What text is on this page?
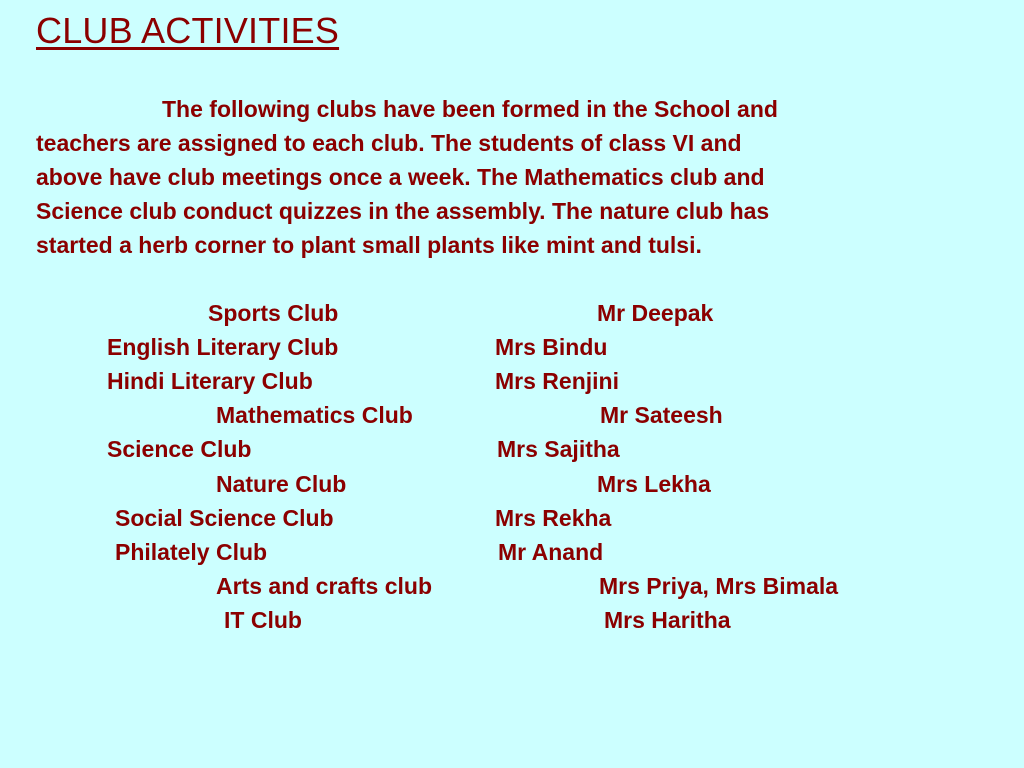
CLUB ACTIVITIES

The following clubs have been formed in the School and
teachers are assigned to each club. The students of class VI and
above have club meetings once a week. The Mathematics club and
Science club conduct quizzes in the assembly. The nature club has
started a herb corner to plant small plants like mint and tulsi.

Sports Club	Mr Deepak
English Literary Club	Mrs Bindu
Hindi Literary Club	Mrs Renjini
Mathematics Club	Mr Sateesh
Science Club	Mrs Sajitha
Nature Club	Mrs Lekha
Social Science Club	Mrs Rekha
Philately Club	Mr Anand
Arts and crafts club	Mrs Priya, Mrs Bimala
IT Club	Mrs Haritha
